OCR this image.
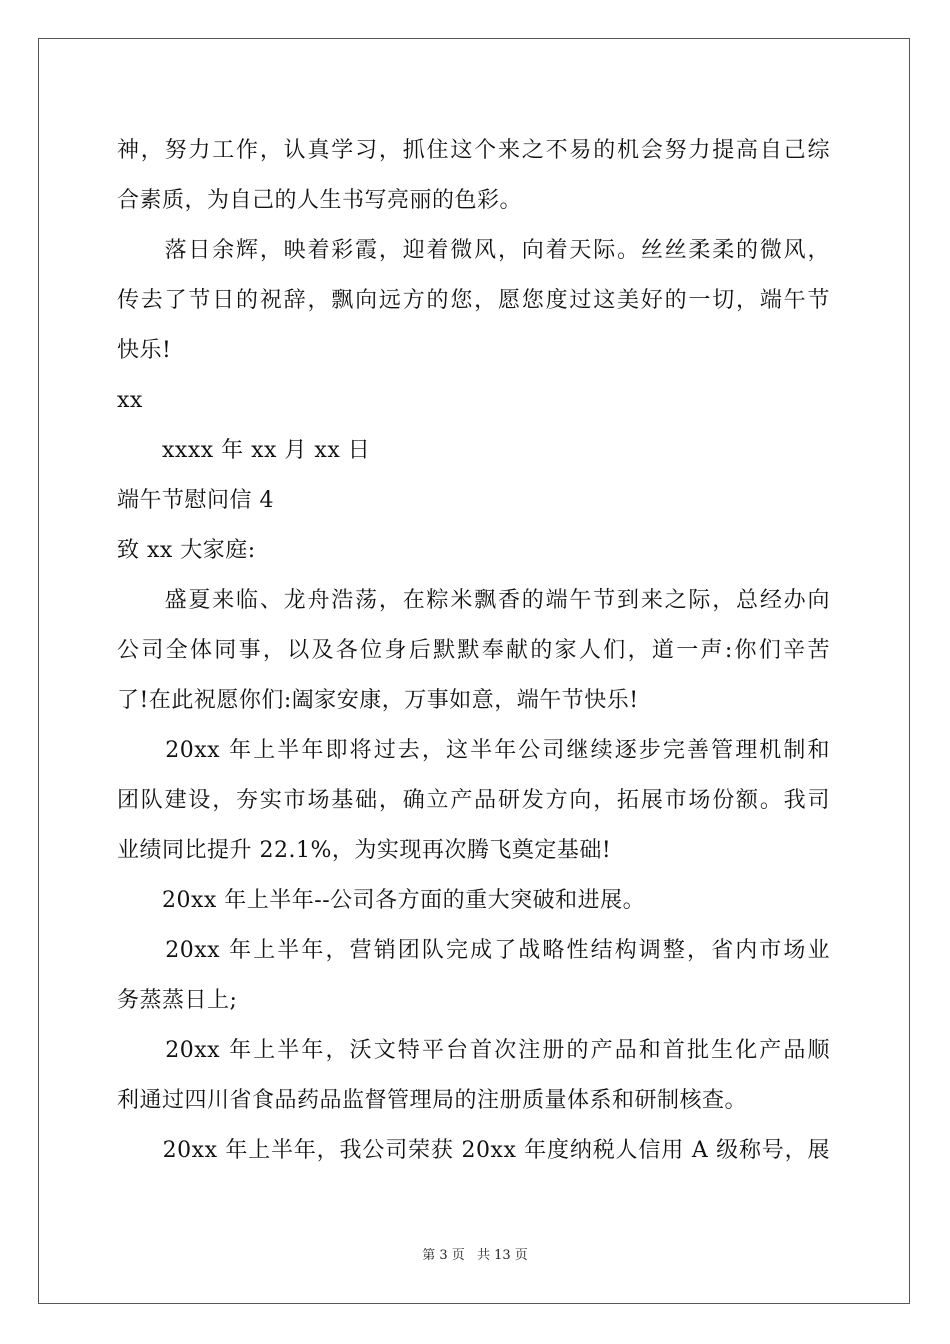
神，努力工作，认真学习，抓住这个来之不易的机会努力提高自己综
合素质，为自己的人生书写亮丽的色彩。
　　落日余辉，映着彩霞，迎着微风，向着天际。丝丝柔柔的微风，
传去了节日的祝辞，飘向远方的您，愿您度过这美好的一切，端午节
快乐!
xx
　　xxxx 年 xx 月 xx 日
端午节慰问信 4
致 xx 大家庭:
　　盛夏来临、龙舟浩荡，在粽米飘香的端午节到来之际，总经办向
公司全体同事，以及各位身后默默奉献的家人们，道一声:你们辛苦
了!在此祝愿你们:阖家安康，万事如意，端午节快乐!
　　20xx 年上半年即将过去，这半年公司继续逐步完善管理机制和
团队建设，夯实市场基础，确立产品研发方向，拓展市场份额。我司
业绩同比提升 22.1%，为实现再次腾飞奠定基础!
　　20xx 年上半年--公司各方面的重大突破和进展。
　　20xx 年上半年，营销团队完成了战略性结构调整，省内市场业
务蒸蒸日上;
　　20xx 年上半年，沃文特平台首次注册的产品和首批生化产品顺
利通过四川省食品药品监督管理局的注册质量体系和研制核查。
　　20xx 年上半年，我公司荣获 20xx 年度纳税人信用 A 级称号，展
第 3 页 共 13 页
